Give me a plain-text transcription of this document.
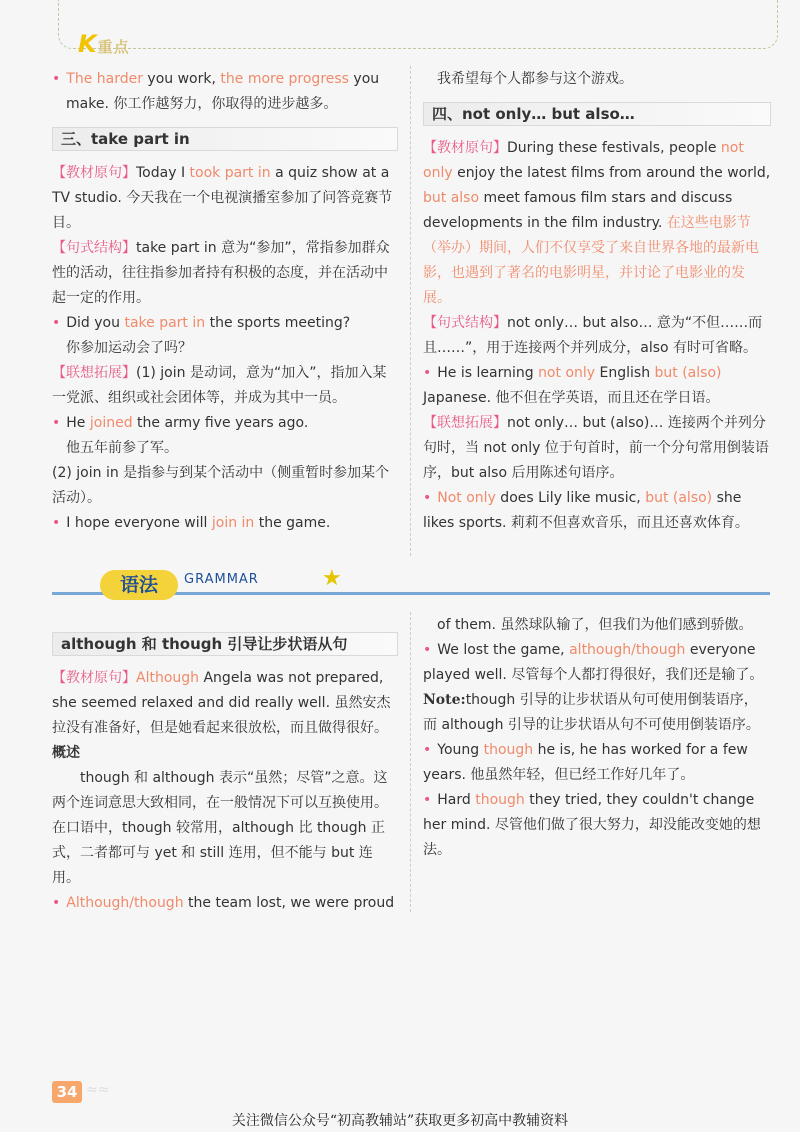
K重点

• The harder you work, the more progress you

make. 你工作越努力，你取得的进步越多。

三、take part in

【教材原句】Today I took part in a quiz show at a TV studio. 今天我在一个电视演播室参加了问答竞赛节目。

【句式结构】take part in 意为“参加”，常指参加群众性的活动，往往指参加者持有积极的态度，并在活动中起一定的作用。

• Did you take part in the sports meeting?

你参加运动会了吗？

【联想拓展】(1) join 是动词，意为“加入”，指加入某一党派、组织或社会团体等，并成为其中一员。

• He joined the army five years ago.

他五年前参了军。

(2) join in 是指参与到某个活动中（侧重暂时参加某个活动）。

• I hope everyone will join in the game.

我希望每个人都参与这个游戏。

四、not only… but also…

【教材原句】During these festivals, people not only enjoy the latest films from around the world, but also meet famous film stars and discuss developments in the film industry. 在这些电影节（举办）期间，人们不仅享受了来自世界各地的最新电影，也遇到了著名的电影明星，并讨论了电影业的发展。

【句式结构】not only… but also… 意为“不但……而且……”，用于连接两个并列成分，also 有时可省略。

• He is learning not only English but (also) Japanese. 他不但在学英语，而且还在学日语。

【联想拓展】not only… but (also)… 连接两个并列分句时，当 not only 位于句首时，前一个分句常用倒装语序，but also 后用陈述句语序。

• Not only does Lily like music, but (also) she likes sports. 莉莉不但喜欢音乐，而且还喜欢体育。

语法	GRAMMAR	★
although 和 though 引导让步状语从句

【教材原句】Although Angela was not prepared, she seemed relaxed and did really well. 虽然安杰拉没有准备好，但是她看起来很放松，而且做得很好。

概述

though 和 although 表示“虽然；尽管”之意。这两个连词意思大致相同，在一般情况下可以互换使用。在口语中，though 较常用，although 比 though 正式，二者都可与 yet 和 still 连用，但不能与 but 连用。

• Although/though the team lost, we were proud

of them. 虽然球队输了，但我们为他们感到骄傲。

• We lost the game, although/though everyone played well. 尽管每个人都打得很好，我们还是输了。

Note:though 引导的让步状语从句可使用倒装语序，而 although 引导的让步状语从句不可使用倒装语序。

• Young though he is, he has worked for a few years. 他虽然年轻，但已经工作好几年了。

• Hard though they tried, they couldn't change her mind. 尽管他们做了很大努力，却没能改变她的想法。

34 ≈≈
关注微信公众号“初高教辅站”获取更多初高中教辅资料
